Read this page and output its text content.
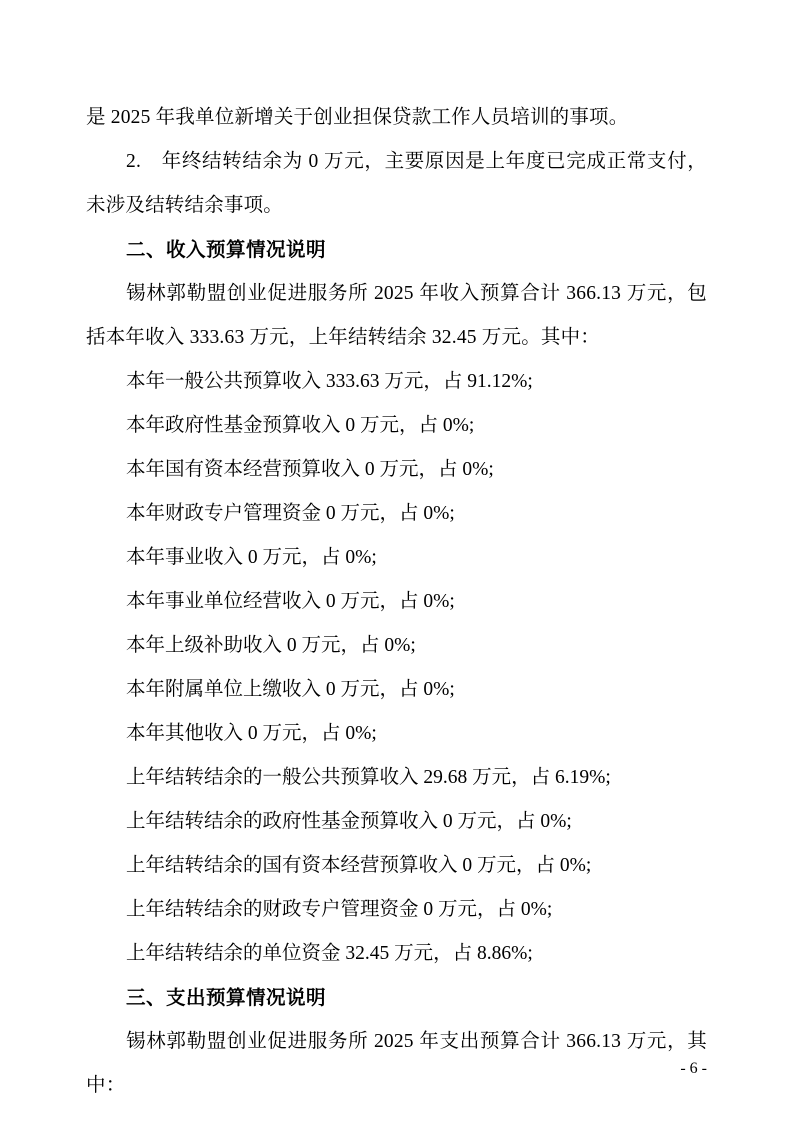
是 2025 年我单位新增关于创业担保贷款工作人员培训的事项。

2.　年终结转结余为 0 万元，主要原因是上年度已完成正常支付，未涉及结转结余事项。

二、收入预算情况说明

锡林郭勒盟创业促进服务所 2025 年收入预算合计 366.13 万元，包括本年收入 333.63 万元，上年结转结余 32.45 万元。其中：

本年一般公共预算收入 333.63 万元，占 91.12%;

本年政府性基金预算收入 0 万元，占 0%;

本年国有资本经营预算收入 0 万元，占 0%;

本年财政专户管理资金 0 万元，占 0%;

本年事业收入 0 万元，占 0%;

本年事业单位经营收入 0 万元，占 0%;

本年上级补助收入 0 万元，占 0%;

本年附属单位上缴收入 0 万元，占 0%;

本年其他收入 0 万元，占 0%;

上年结转结余的一般公共预算收入 29.68 万元，占 6.19%;

上年结转结余的政府性基金预算收入 0 万元，占 0%;

上年结转结余的国有资本经营预算收入 0 万元，占 0%;

上年结转结余的财政专户管理资金 0 万元，占 0%;

上年结转结余的单位资金 32.45 万元，占 8.86%;

三、支出预算情况说明

锡林郭勒盟创业促进服务所 2025 年支出预算合计 366.13 万元，其中：

- 6 -
